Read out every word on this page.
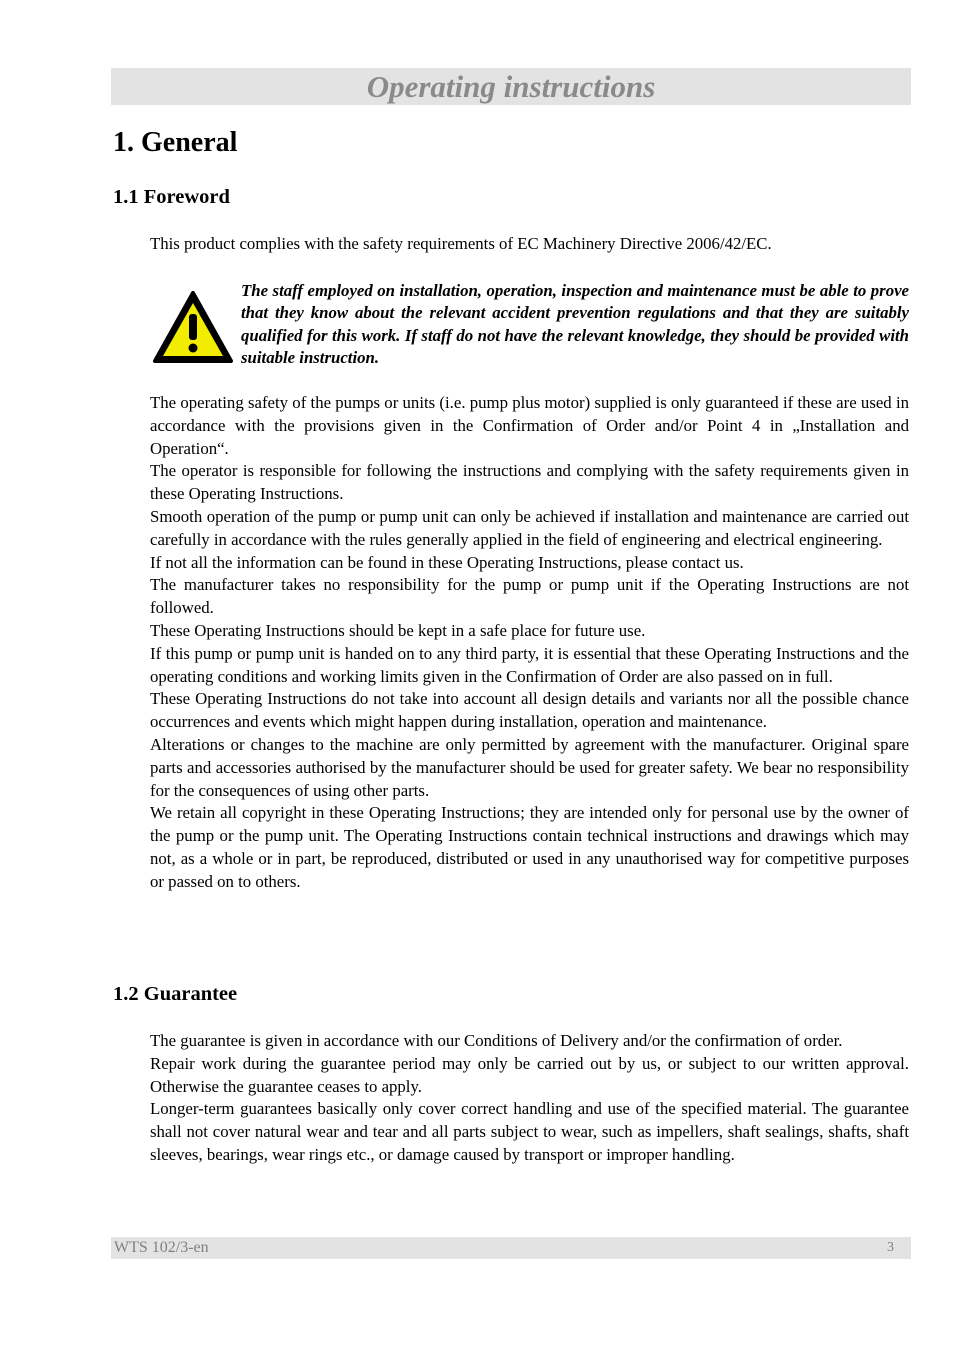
Operating instructions
1. General
1.1 Foreword
This product complies with the safety requirements of EC Machinery Directive 2006/42/EC.
The staff employed on installation, operation, inspection and maintenance must be able to prove that they know about the relevant accident prevention regulations and that they are suitably qualified for this work. If staff do not have the relevant knowledge, they should be provided with suitable instruction.

The operating safety of the pumps or units (i.e. pump plus motor) supplied is only guaranteed if these are used in accordance with the provisions given in the Confirmation of Order and/or Point 4 in „Installation and Operation“.

The operator is responsible for following the instructions and complying with the safety requirements given in these Operating Instructions.

Smooth operation of the pump or pump unit can only be achieved if installation and maintenance are carried out carefully in accordance with the rules generally applied in the field of engineering and electrical engineering.

If not all the information can be found in these Operating Instructions, please contact us.

The manufacturer takes no responsibility for the pump or pump unit if the Operating Instructions are not followed.

These Operating Instructions should be kept in a safe place for future use.

If this pump or pump unit is handed on to any third party, it is essential that these Operating Instructions and the operating conditions and working limits given in the Confirmation of Order are also passed on in full.

These Operating Instructions do not take into account all design details and variants nor all the possible chance occurrences and events which might happen during installation, operation and maintenance.

Alterations or changes to the machine are only permitted by agreement with the manufacturer. Original spare parts and accessories authorised by the manufacturer should be used for greater safety. We bear no responsibility for the consequences of using other parts.

We retain all copyright in these Operating Instructions; they are intended only for personal use by the owner of the pump or the pump unit. The Operating Instructions contain technical instructions and drawings which may not, as a whole or in part, be reproduced, distributed or used in any unauthorised way for competitive purposes or passed on to others.

1.2 Guarantee

The guarantee is given in accordance with our Conditions of Delivery and/or the confirmation of order.

Repair work during the guarantee period may only be carried out by us, or subject to our written approval. Otherwise the guarantee ceases to apply.

Longer-term guarantees basically only cover correct handling and use of the specified material. The guarantee shall not cover natural wear and tear and all parts subject to wear, such as impellers, shaft sealings, shafts, shaft sleeves, bearings, wear rings etc., or damage caused by transport or improper handling.

WTS 102/3-en	3
